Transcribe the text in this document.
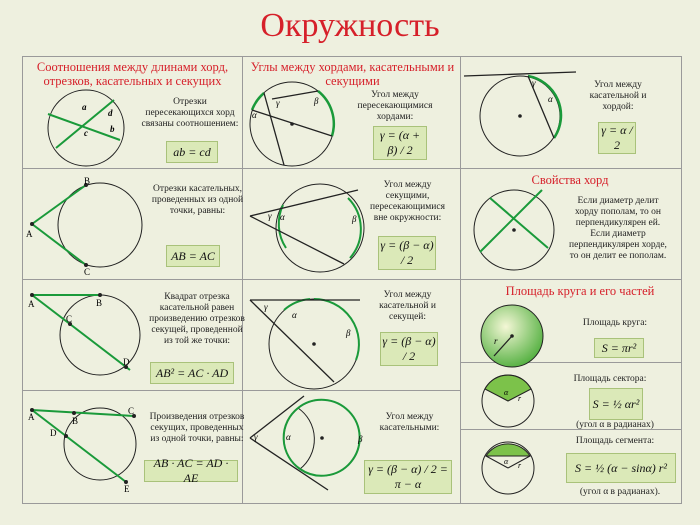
Окружность
Соотношения между длинами хорд, отрезков, касательных и секущих
Углы между хордами, касательными и секущими
a
b
c
d
Отрезки пересекающихся хорд связаны соотношением:
ab = cd
A
B
C
Отрезки касательных, проведенных из одной точки, равны:
AB = AC
A	B
C
D
Квадрат отрезка касательной равен произведению отрезков секущей, проведенной из той же точки:
AB² = AC · AD
A	B
C
D
E
Произведения отрезков секущих, проведенных из одной точки, равны:
AB · AC = AD · AE
γ
α
β
Угол между пересекающимися хордами:
γ = (α + β) / 2
γ α	β
Угол между секущими, пересекающимися вне окружности:
γ = (β − α) / 2
γ
α
β
Угол между касательной и секущей:
γ = (β − α) / 2
γ	α	β
Угол между касательными:
γ = (β − α) / 2 = π − α
γ
α
Угол между касательной и хордой:
γ = α / 2
Свойства хорд
Если диаметр делит хорду пополам, то он перпендикулярен ей. Если диаметр перпендикулярен хорде, то он делит ее пополам.
Площадь круга и его частей
r
Площадь круга:
S = πr²
α
r
Площадь сектора:
S = ½ αr²
(угол α в радианах)
α r
Площадь сегмента:
S = ½ (α − sinα) r²
(угол α в радианах).
